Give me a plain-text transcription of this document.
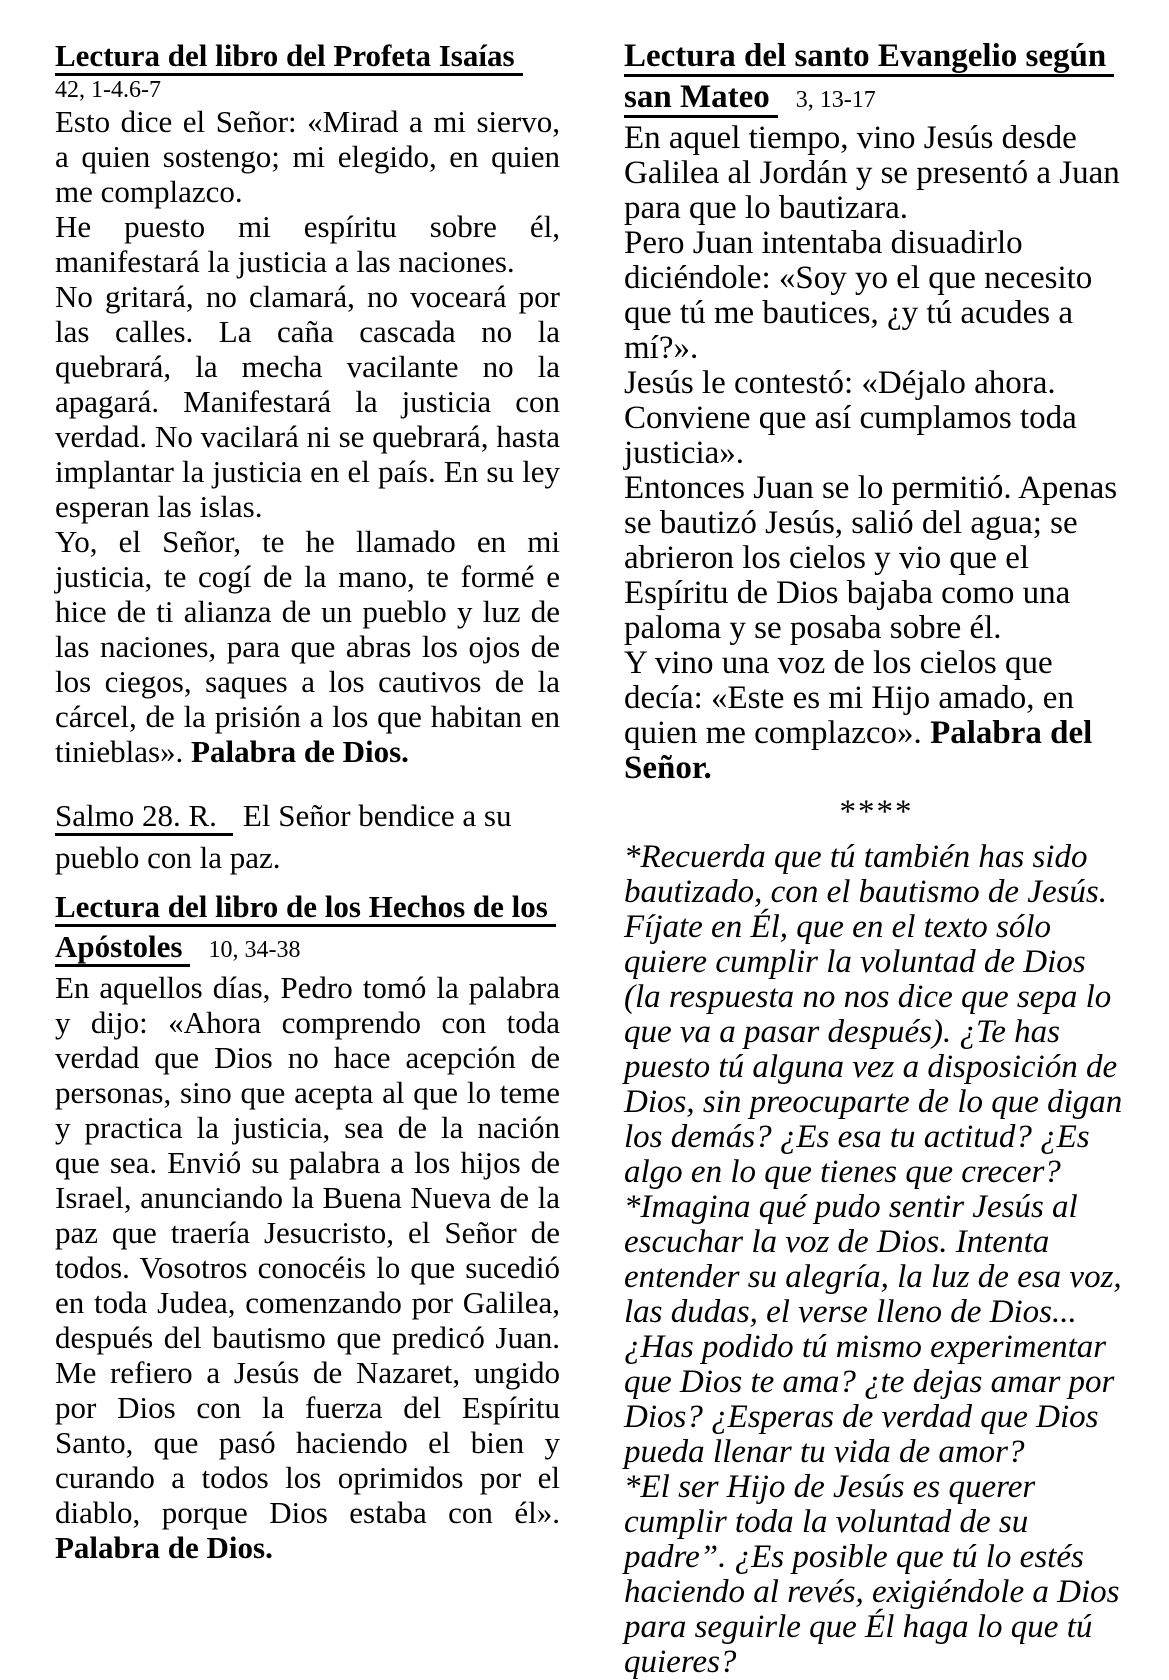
Lectura del libro del Profeta Isaías
42, 1-4.6-7

Esto dice el Señor: «Mirad a mi siervo, a quien sostengo; mi elegido, en quien me complazco.

He puesto mi espíritu sobre él, manifestará la justicia a las naciones.

No gritará, no clamará, no voceará por las calles. La caña cascada no la quebrará, la mecha vacilante no la apagará. Manifestará la justicia con verdad. No vacilará ni se quebrará, hasta implantar la justicia en el país. En su ley esperan las islas.

Yo, el Señor, te he llamado en mi justicia, te cogí de la mano, te formé e hice de ti alianza de un pueblo y luz de las naciones, para que abras los ojos de los ciegos, saques a los cautivos de la cárcel, de la prisión a los que habitan en tinieblas». Palabra de Dios.

Salmo 28. R. El Señor bendice a su pueblo con la paz.
Lectura del libro de los Hechos de los Apóstoles 10, 34-38

En aquellos días, Pedro tomó la palabra y dijo: «Ahora comprendo con toda verdad que Dios no hace acepción de personas, sino que acepta al que lo teme y practica la justicia, sea de la nación que sea. Envió su palabra a los hijos de Israel, anunciando la Buena Nueva de la paz que traería Jesucristo, el Señor de todos. Vosotros conocéis lo que sucedió en toda Judea, comenzando por Galilea, después del bautismo que predicó Juan. Me refiero a Jesús de Nazaret, ungido por Dios con la fuerza del Espíritu Santo, que pasó haciendo el bien y curando a todos los oprimidos por el diablo, porque Dios estaba con él». Palabra de Dios.

Lectura del santo Evangelio según san Mateo 3, 13-17

En aquel tiempo, vino Jesús desde Galilea al Jordán y se presentó a Juan para que lo bautizara.

Pero Juan intentaba disuadirlo diciéndole: «Soy yo el que necesito que tú me bautices, ¿y tú acudes a mí?».

Jesús le contestó: «Déjalo ahora. Conviene que así cumplamos toda justicia».

Entonces Juan se lo permitió. Apenas se bautizó Jesús, salió del agua; se abrieron los cielos y vio que el Espíritu de Dios bajaba como una paloma y se posaba sobre él.

Y vino una voz de los cielos que decía: «Este es mi Hijo amado, en quien me complazco». Palabra del Señor.

****

*Recuerda que tú también has sido bautizado, con el bautismo de Jesús. Fíjate en Él, que en el texto sólo quiere cumplir la voluntad de Dios (la respuesta no nos dice que sepa lo que va a pasar después). ¿Te has puesto tú alguna vez a disposición de Dios, sin preocuparte de lo que digan los demás? ¿Es esa tu actitud? ¿Es algo en lo que tienes que crecer?

*Imagina qué pudo sentir Jesús al escuchar la voz de Dios. Intenta entender su alegría, la luz de esa voz, las dudas, el verse lleno de Dios... ¿Has podido tú mismo experimentar que Dios te ama? ¿te dejas amar por Dios? ¿Esperas de verdad que Dios pueda llenar tu vida de amor?

*El ser Hijo de Jesús es querer cumplir toda la voluntad de su padre”. ¿Es posible que tú lo estés haciendo al revés, exigiéndole a Dios para seguirle que Él haga lo que tú quieres?
